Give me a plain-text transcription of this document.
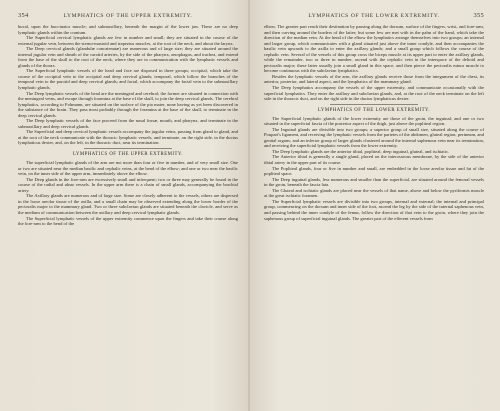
354	LYMPHATICS OF THE UPPER EXTREMITY.

bucal, upon the buccinator muscle; and submaxillary, beneath the margin of the lower jaw. These are no deep lymphatic glands within the cranium.

The Superficial cervical lymphatic glands are few in number and small; they are situated in the course of the external jugular vein, between the sterno-mastoid and trapezius muscles, at the root of the neck, and about the larynx.

The Deep cervical glands (glandulæ concatenatæ) are numerous and of large size; they are situated around the internal jugular vein and sheath of the carotid arteries, by the side of the pharynx, œsophagus, and trachea, and extend from the base of the skull to the root of the neck, where they are in communication with the lymphatic vessels and glands of the thorax.

The Superficial lymphatic vessels of the head and face are disposed in three groups; occipital, which take the course of the occipital vein to the occipital and deep cervical glands; temporal, which follow the branches of the temporal vein to the parotid and deep cervical glands; and facial, which accompany the facial vein to the submaxillary lymphatic glands.

The Deep lymphatic vessels of the head are the meningeal and cerebral; the former are situated in connection with the meningeal veins, and escape through foramina at the base of the skull, to join the deep cervical glands. The cerebral lymphatics, according to Fohmann, are situated on the surface of the pia mater, none having as yet been discovered in the substance of the brain. They pass most probably through the foramina at the base of the skull, to terminate in the deep cervical glands.

The Deep lymphatic vessels of the face proceed from the nasal fossæ, mouth, and pharynx, and terminate in the submaxillary and deep cervical glands.

The Superficial and deep cervical lymphatic vessels accompany the jugular veins, passing from gland to gland, and at the root of the neck communicate with the thoracic lymphatic vessels, and terminate, on the right side, in the ductus lymphaticus dexter, and, on the left, in the thoracic duct, near its termination.

LYMPHATICS OF THE UPPER EXTREMITY.

The superficial lymphatic glands of the arm are not more than four or five in number, and of very small size. One or two are situated near the median basilic and cephalic veins, at the bend of the elbow; and one or two near the basilic vein, on the inner side of the upper arm, immediately above the elbow.

The Deep glands in the fore-arm are excessively small and infrequent; two or three may generally be found in the course of the radial and ulnar vessels. In the upper arm there is a chain of small glands, accompanying the brachial artery.

The Axillary glands are numerous and of large size. Some are closely adherent to the vessels, others are dispersed in the loose areolar tissue of the axilla, and a small chain may be observed extending along the lower border of the pectoralis major to the mammary gland. Two or three subclavian glands are situated beneath the clavicle, and serve as the medium of communication between the axillary and deep cervical lymphatic glands.

The Superficial lymphatic vessels of the upper extremity commence upon the fingers and take their course along the fore-arm to the bend of the

LYMPHATICS OF THE LOWER EXTREMITY.	355

elbow. The greater part reach their destination by passing along the dorsum, surface of the fingers, wrist, and fore-arm, and then curving around the borders of the latter; but some few are met with in the palm of the hand, which take the direction of the median vein. At the bend of the elbow the lymphatics arrange themselves into two groups; an internal and larger group, which communicates with a gland situated just above the inner condyle, and then accompanies the basilic vein upwards to the axilla to enter the axillary glands; and a small group which follows the course of the cephalic vein. Several of the vessels of this group cross the biceps muscle at its upper part to enter the axillary glands, while the remainder, two or three in number, ascend with the cephalic vein in the interspace of the deltoid and pectoralis major; these latter usually join a small gland in this space, and then pierce the pectoralis minor muscle to become continuous with the subclavian lymphatics.

Besides the lymphatic vessels of the arm, the axillary glands receive those from the integument of the chest, its anterior, posterior, and lateral aspect, and the lymphatics of the mammary gland.

The Deep lymphatics accompany the vessels of the upper extremity, and communicate occasionally with the superficial lymphatics. They enter the axillary and subclavian glands, and, at the root of the neck terminate on the left side in the thoracic duct, and on the right side in the ductus lymphaticus dexter.

LYMPHATICS OF THE LOWER EXTREMITY.

The Superficial lymphatic glands of the lower extremity are those of the groin, the inguinal; and one or two situated in the superficial fascia of the posterior aspect of the thigh, just above the popliteal region.

The Inguinal glands are divisible into two groups; a superior group of small size, situated along the course of Poupart's ligament, and receiving the lymphatic vessels from the parietes of the abdomen, gluteal region, perineum, and genital organs; and an inferior group of larger glands clustered around the internal saphenous vein near its termination, and receiving the superficial lymphatic vessels from the lower extremity.

The Deep lymphatic glands are the anterior tibial, popliteal, deep inguinal, gluteal, and ischiatic.

The Anterior tibial is generally a single gland, placed on the interosseous membrane, by the side of the anterior tibial artery in the upper part of its course.

The Popliteal glands, four or five in number and small, are embedded in the loose areolar tissue and fat of the popliteal space.

The Deep inguinal glands, less numerous and smaller than the superficial, are situated around the femoral vessels in the groin, beneath the fascia lata.

The Gluteal and ischiatic glands are placed near the vessels of that name, above and below the pyriformis muscle at the great ischiatic foramen.

The Superficial lymphatic vessels are divisible into two groups, internal and external; the internal and principal group, commencing on the dorsum and inner side of the foot, ascend the leg by the side of the internal saphenous vein, and passing behind the inner condyle of the femur, follow the direction of that vein to the groin, where they join the saphenous group of superficial inguinal glands. The greater part of the efferent vessels from
